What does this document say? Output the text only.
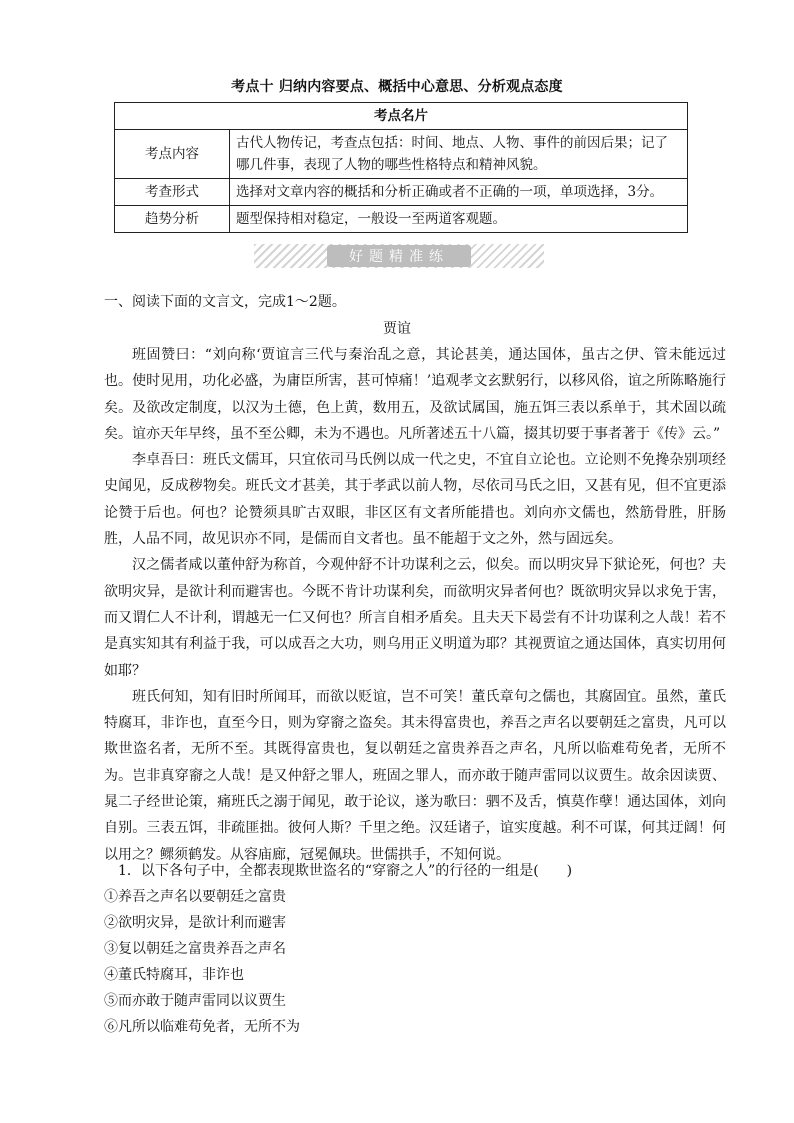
考点十 归纳内容要点、概括中心意思、分析观点态度
考点名片	
考点内容	古代人物传记，考查点包括：时间、地点、人物、事件的前因后果；记了哪几件事，表现了人物的哪些性格特点和精神风貌。
考查形式	选择对文章内容的概括和分析正确或者不正确的一项，单项选择，3分。
趋势分析	题型保持相对稳定，一般设一至两道客观题。
好题精准练
一、阅读下面的文言文，完成1～2题。
贾谊

班固赞曰：“刘向称‘贾谊言三代与秦治乱之意，其论甚美，通达国体，虽古之伊、管未能远过也。使时见用，功化必盛，为庸臣所害，甚可悼痛！’追观孝文玄默躬行，以移风俗，谊之所陈略施行矣。及欲改定制度，以汉为土德，色上黄，数用五，及欲试属国，施五饵三表以系单于，其术固以疏矣。谊亦天年早终，虽不至公卿，未为不遇也。凡所著述五十八篇，掇其切要于事者著于《传》云。”

李卓吾曰：班氏文儒耳，只宜依司马氏例以成一代之史，不宜自立论也。立论则不免搀杂别项经史闻见，反成秽物矣。班氏文才甚美，其于孝武以前人物，尽依司马氏之旧，又甚有见，但不宜更添论赞于后也。何也？论赞须具旷古双眼，非区区有文者所能措也。刘向亦文儒也，然筋骨胜，肝肠胜，人品不同，故见识亦不同，是儒而自文者也。虽不能超于文之外，然与固远矣。

汉之儒者咸以董仲舒为称首，今观仲舒不计功谋利之云，似矣。而以明灾异下狱论死，何也？夫欲明灾异，是欲计利而避害也。今既不肯计功谋利矣，而欲明灾异者何也？既欲明灾异以求免于害，而又谓仁人不计利，谓越无一仁又何也？所言自相矛盾矣。且夫天下曷尝有不计功谋利之人哉！若不是真实知其有利益于我，可以成吾之大功，则乌用正义明道为耶？其视贾谊之通达国体，真实切用何如耶？

班氏何知，知有旧时所闻耳，而欲以贬谊，岂不可笑！董氏章句之儒也，其腐固宜。虽然，董氏特腐耳，非诈也，直至今日，则为穿窬之盗矣。其未得富贵也，养吾之声名以要朝廷之富贵，凡可以欺世盗名者，无所不至。其既得富贵也，复以朝廷之富贵养吾之声名，凡所以临难苟免者，无所不为。岂非真穿窬之人哉！是又仲舒之罪人，班固之罪人，而亦敢于随声雷同以议贾生。故余因读贾、晁二子经世论策，痛班氏之溺于闻见，敢于论议，遂为歌曰：驷不及舌，慎莫作孽！通达国体，刘向自别。三表五饵，非疏匪拙。彼何人斯？千里之绝。汉廷诸子，谊实度越。利不可谋，何其迂阔！何以用之？鳏须鹤发。从容庙廊，冠冕佩玦。世儒拱手，不知何说。

1．以下各句子中，全都表现欺世盗名的“穿窬之人”的行径的一组是(　　)
①养吾之声名以要朝廷之富贵
②欲明灾异，是欲计利而避害
③复以朝廷之富贵养吾之声名
④董氏特腐耳，非诈也
⑤而亦敢于随声雷同以议贾生
⑥凡所以临难苟免者，无所不为
